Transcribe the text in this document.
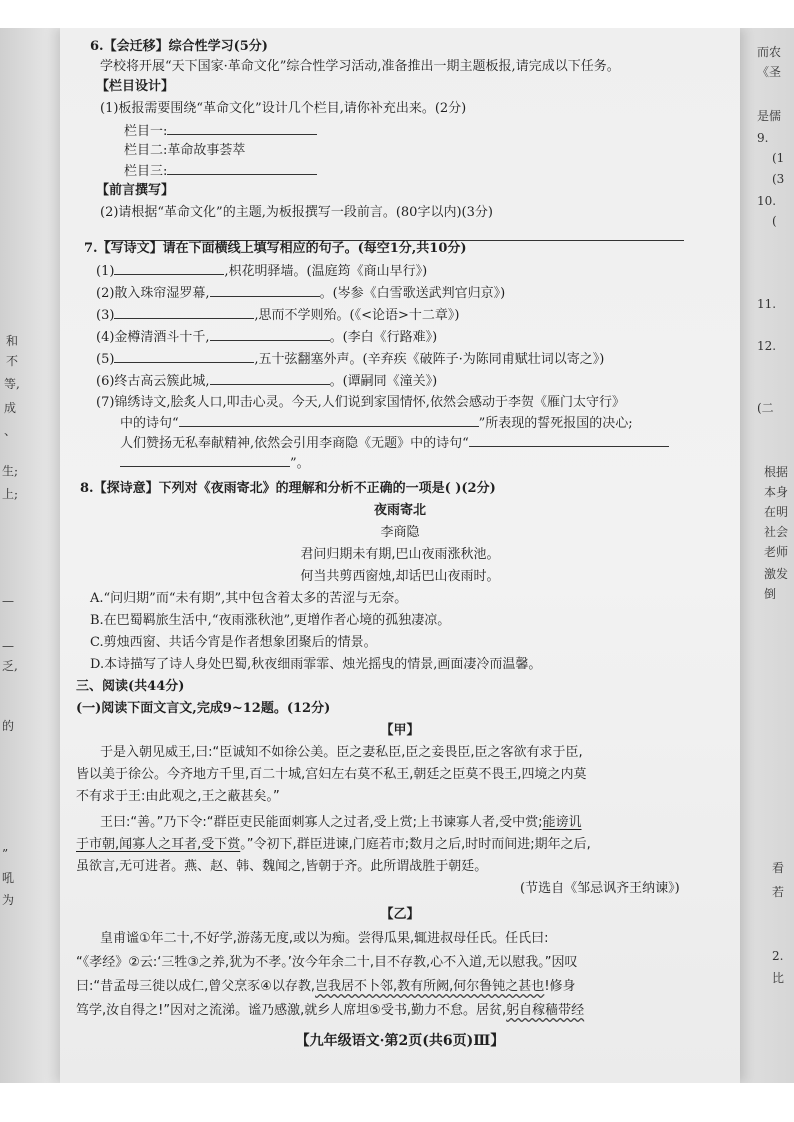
和
不
等,
成
、
生;
上;
—
—
乏,
的
”
吼
为
而农
《圣
是儒
9.
(1
(3
10.
(
11.
12.
(二
根据
本身
在明
社会
老师
激发
倒
看
若
2.
比
6.【会迁移】综合性学习(5分)
学校将开展“天下国家·革命文化”综合性学习活动,准备推出一期主题板报,请完成以下任务。
【栏目设计】
(1)板报需要围绕“革命文化”设计几个栏目,请你补充出来。(2分)
栏目一:
栏目二:革命故事荟萃
栏目三:
【前言撰写】
(2)请根据“革命文化”的主题,为板报撰写一段前言。(80字以内)(3分)
7.【写诗文】请在下面横线上填写相应的句子。(每空1分,共10分)
(1)	,枳花明驿墙。(温庭筠《商山早行》)
(2)散入珠帘湿罗幕,	。(岑参《白雪歌送武判官归京》)
(3)	,思而不学则殆。(《<论语>十二章》)
(4)金樽清酒斗十千,	。(李白《行路难》)
(5)	,五十弦翻塞外声。(辛弃疾《破阵子·为陈同甫赋壮词以寄之》)
(6)终古高云簇此城,	。(谭嗣同《潼关》)
(7)锦绣诗文,脍炙人口,叩击心灵。今天,人们说到家国情怀,依然会感动于李贺《雁门太守行》
中的诗句“	”所表现的誓死报国的决心;
人们赞扬无私奉献精神,依然会引用李商隐《无题》中的诗句“
”。
8.【探诗意】下列对《夜雨寄北》的理解和分析不正确的一项是( )(2分)
夜雨寄北
李商隐
君问归期未有期,巴山夜雨涨秋池。
何当共剪西窗烛,却话巴山夜雨时。
A.“问归期”而“未有期”,其中包含着太多的苦涩与无奈。
B.在巴蜀羁旅生活中,“夜雨涨秋池”,更增作者心境的孤独凄凉。
C.剪烛西窗、共话今宵是作者想象团聚后的情景。
D.本诗描写了诗人身处巴蜀,秋夜细雨霏霏、烛光摇曳的情景,画面凄冷而温馨。
三、阅读(共44分)
(一)阅读下面文言文,完成9~12题。(12分)
【甲】
于是入朝见威王,曰:“臣诚知不如徐公美。臣之妻私臣,臣之妾畏臣,臣之客欲有求于臣,
皆以美于徐公。今齐地方千里,百二十城,宫妇左右莫不私王,朝廷之臣莫不畏王,四境之内莫
不有求于王:由此观之,王之蔽甚矣。”
王曰:“善。”乃下令:“群臣吏民能面刺寡人之过者,受上赏;上书谏寡人者,受中赏;能谤讥
于市朝,闻寡人之耳者,受下赏。”令初下,群臣进谏,门庭若市;数月之后,时时而间进;期年之后,
虽欲言,无可进者。燕、赵、韩、魏闻之,皆朝于齐。此所谓战胜于朝廷。
(节选自《邹忌讽齐王纳谏》)
【乙】
皇甫谧①年二十,不好学,游荡无度,或以为痴。尝得瓜果,辄进叔母任氏。任氏曰:
“《孝经》②云:‘三牲③之养,犹为不孝。’汝今年余二十,目不存教,心不入道,无以慰我。”因叹
曰:“昔孟母三徙以成仁,曾父烹豕④以存教,岂我居不卜邻,教有所阙,何尔鲁钝之甚也!修身
笃学,汝自得之!”因对之流涕。谧乃感激,就乡人席坦⑤受书,勤力不怠。居贫,躬自稼穑带经
【九年级语文·第2页(共6页)Ⅲ】
